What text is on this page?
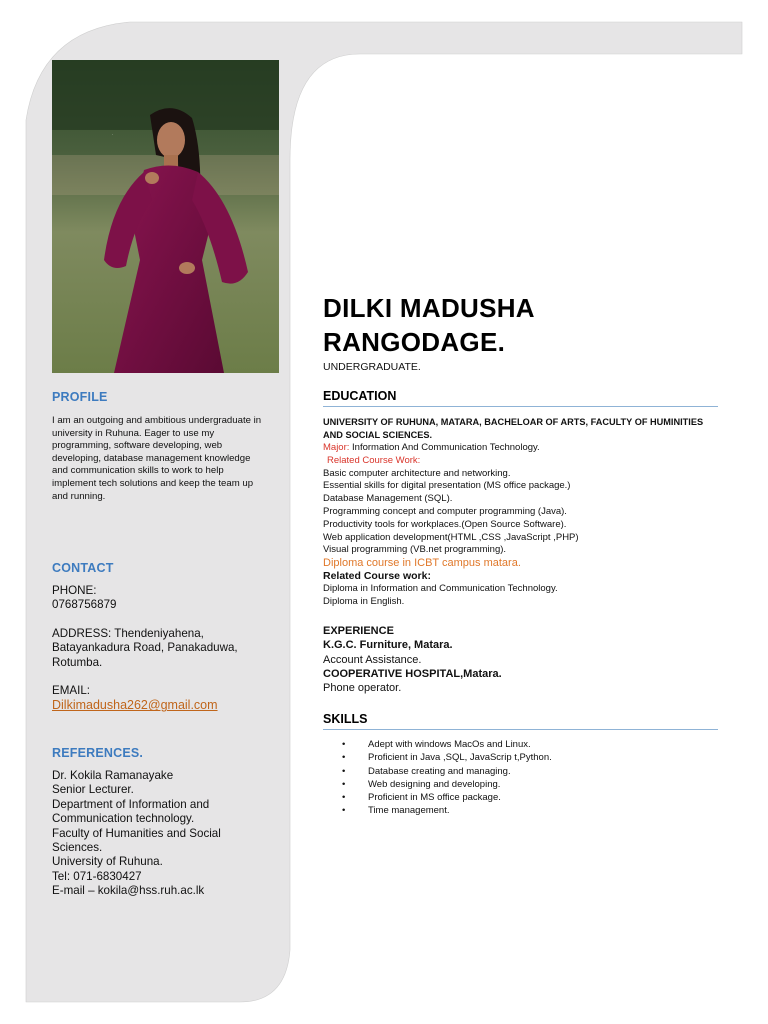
·
PROFILE
I am an outgoing and ambitious undergraduate in university in Ruhuna. Eager to use my programming, software developing, web developing, database management knowledge and communication skills to work to help implement tech solutions and keep the team up and running.
CONTACT
PHONE:
0768756879
ADDRESS: Thendeniyahena, Batayankadura Road, Panakaduwa, Rotumba.
EMAIL:
Dilkimadusha262@gmail.com
REFERENCES.
Dr. Kokila Ramanayake
Senior Lecturer.
Department of Information and Communication technology.
Faculty of Humanities and Social Sciences.
University of Ruhuna.
Tel: 071-6830427
E-mail – kokila@hss.ruh.ac.lk
DILKI MADUSHA
RANGODAGE.
UNDERGRADUATE.
EDUCATION
UNIVERSITY OF RUHUNA, MATARA, BACHELOAR OF ARTS, FACULTY OF HUMINITIES AND SOCIAL SCIENCES.
Major: Information And Communication Technology.
Related Course Work:
Basic computer architecture and networking.
Essential skills for digital presentation (MS office package.)
Database Management (SQL).
Programming concept and computer programming (Java).
Productivity tools for workplaces.(Open Source Software).
Web application development(HTML ,CSS ,JavaScript ,PHP)
Visual programming (VB.net programming).
Diploma course in ICBT campus matara.
Related Course work:
Diploma in Information and Communication Technology.
Diploma in English.
EXPERIENCE
K.G.C. Furniture, Matara.
Account Assistance.
COOPERATIVE HOSPITAL,Matara.
Phone operator.
SKILLS
• Adept with windows MacOs and Linux.
• Proficient in Java ,SQL, JavaScrip t,Python.
• Database creating and managing.
• Web designing and developing.
• Proficient in MS office package.
• Time management.
